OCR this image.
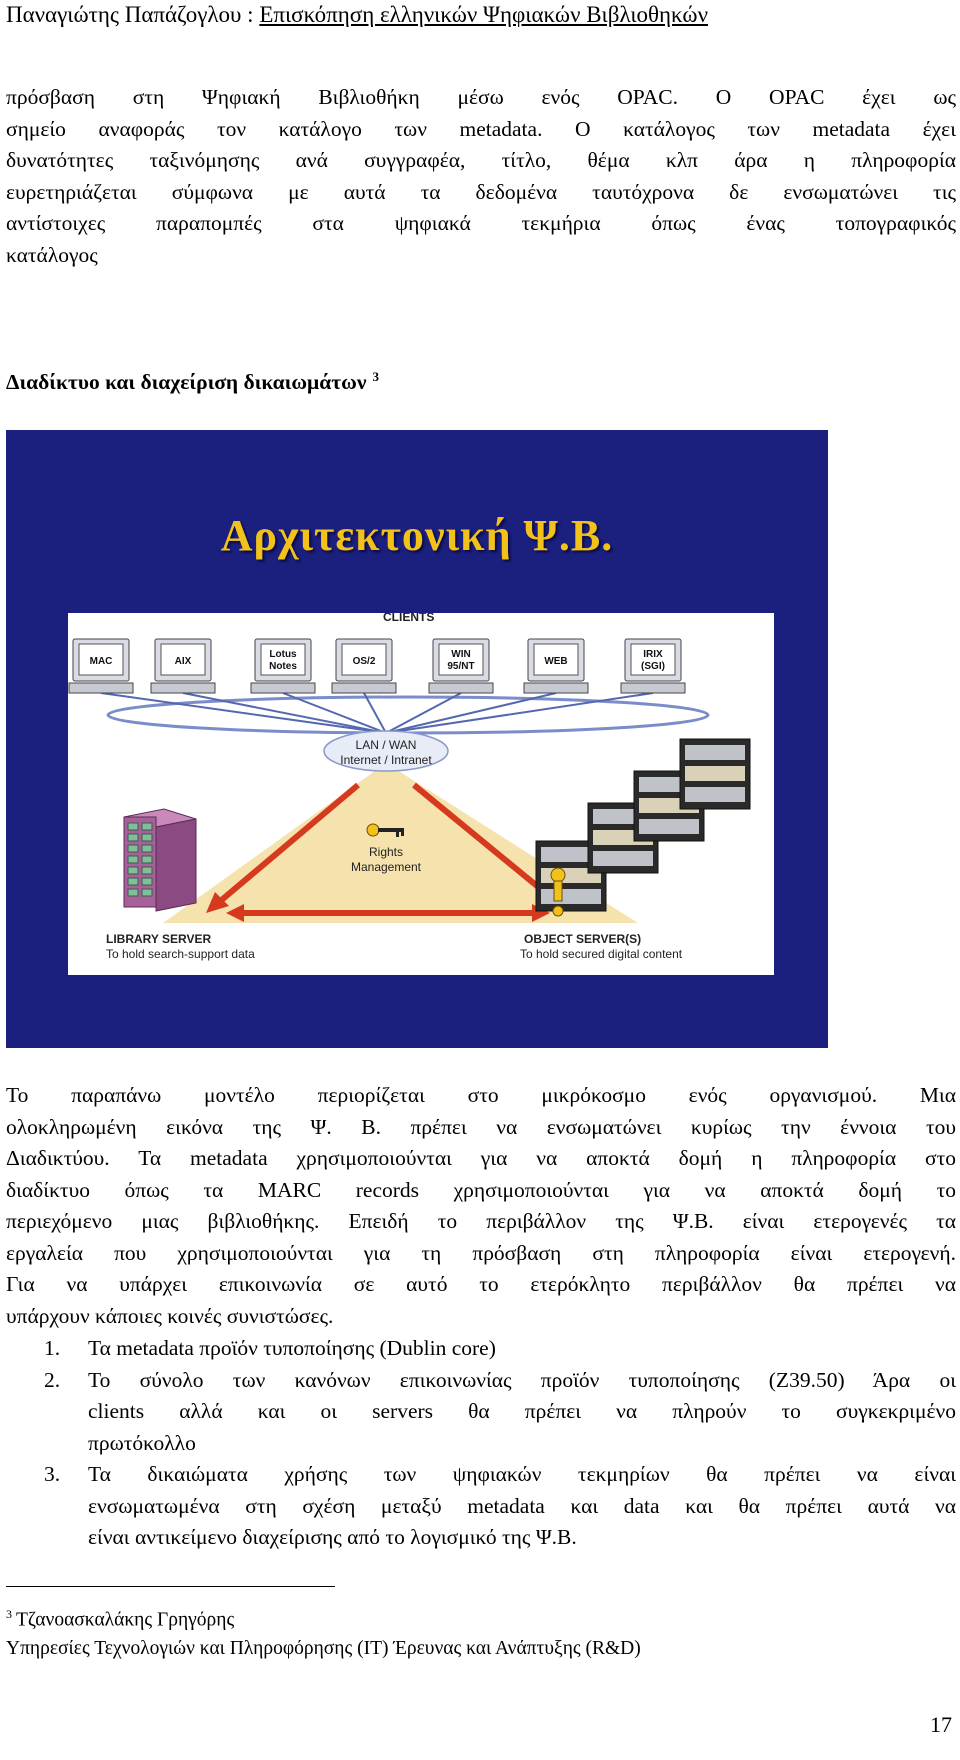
Παναγιώτης Παπάζογλου : Επισκόπηση ελληνικών Ψηφιακών Βιβλιοθηκών
πρόσβαση στη Ψηφιακή Βιβλιοθήκη μέσω ενός OPAC. Ο OPAC έχει ως
σημείο αναφοράς τον κατάλογο των metadata. Ο κατάλογος των metadata έχει
δυνατότητες ταξινόμησης ανά συγγραφέα, τίτλο, θέμα κλπ άρα η πληροφορία
ευρετηριάζεται σύμφωνα με αυτά τα δεδομένα ταυτόχρονα δε ενσωματώνει τις
αντίστοιχες παραπομπές στα ψηφιακά τεκμήρια όπως ένας τοπογραφικός
κατάλογος
Διαδίκτυο και διαχείριση δικαιωμάτων $^3$
Αρχιτεκτονική Ψ.Β.
MAC	AIX
Lotus
Notes	OS/2
WIN
95/NT	WEB
IRIX
(SGI)
CLIENTS
LAN / WAN
Internet / Intranet
Rights
Management
LIBRARY SERVER
To hold search-support data
OBJECT SERVER(S)
To hold secured digital content
Το παραπάνω μοντέλο περιορίζεται στο μικρόκοσμο ενός οργανισμού. Μια
ολοκληρωμένη εικόνα της Ψ. Β. πρέπει να ενσωματώνει κυρίως την έννοια του
Διαδικτύου. Τα metadata χρησιμοποιούνται για να αποκτά δομή η πληροφορία στο
διαδίκτυο όπως τα MARC records χρησιμοποιούνται για να αποκτά δομή το
περιεχόμενο μιας βιβλιοθήκης. Επειδή το περιβάλλον της Ψ.Β. είναι ετερογενές τα
εργαλεία που χρησιμοποιούνται για τη πρόσβαση στη πληροφορία είναι ετερογενή.
Για να υπάρχει επικοινωνία σε αυτό το ετερόκλητο περιβάλλον θα πρέπει να
υπάρχουν κάποιες κοινές συνιστώσες.
1. Τα metadata προϊόν τυποποίησης (Dublin core)
2. Το σύνολο των κανόνων επικοινωνίας προϊόν τυποποίησης (Z39.50) Άρα οι
clients αλλά και οι servers θα πρέπει να πληρούν το συγκεκριμένο
πρωτόκολλο
3. Τα δικαιώματα χρήσης των ψηφιακών τεκμηρίων θα πρέπει να είναι
ενσωματωμένα στη σχέση μεταξύ metadata και data και θα πρέπει αυτά να
είναι αντικείμενο διαχείρισης από το λογισμικό της Ψ.Β.
$^3$ Τζανοασκαλάκης Γρηγόρης
Υπηρεσίες Τεχνολογιών και Πληροφόρησης (IT) Έρευνας και Ανάπτυξης (R&D)
17
